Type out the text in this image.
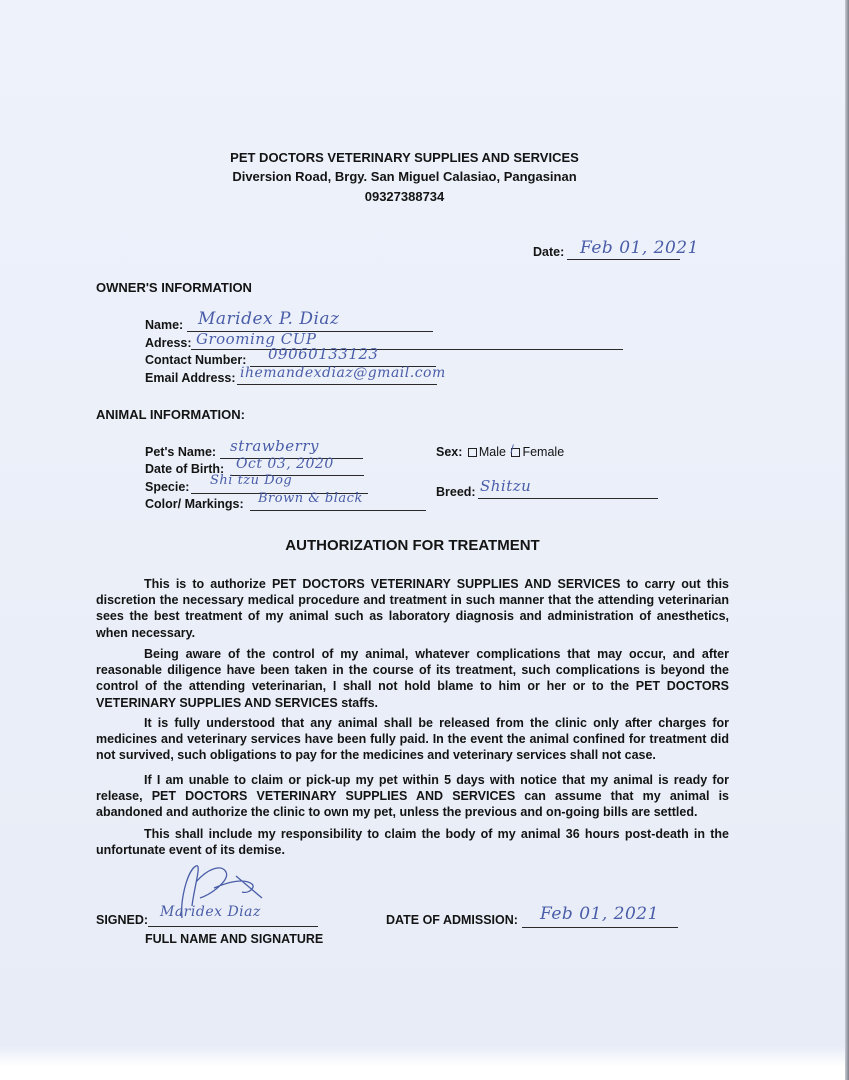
PET DOCTORS VETERINARY SUPPLIES AND SERVICES
Diversion Road, Brgy. San Miguel Calasiao, Pangasinan
09327388734
Date: Feb 01, 2021
OWNER'S INFORMATION
Name: Maridex P. Diaz
Adress: Grooming CUP
Contact Number: 09060133123
Email Address: ihemandexdiaz@gmail.com
ANIMAL INFORMATION:
Pet's Name: strawberry
Date of Birth: Oct 03, 2020
Specie: Shi tzu Dog
Color/ Markings: Brown & black
Sex: Male / Female
Breed: Shitzu
AUTHORIZATION FOR TREATMENT

This is to authorize PET DOCTORS VETERINARY SUPPLIES AND SERVICES to carry out this discretion the necessary medical procedure and treatment in such manner that the attending veterinarian sees the best treatment of my animal such as laboratory diagnosis and administration of anesthetics, when necessary.

Being aware of the control of my animal, whatever complications that may occur, and after reasonable diligence have been taken in the course of its treatment, such complications is beyond the control of the attending veterinarian, I shall not hold blame to him or her or to the PET DOCTORS VETERINARY SUPPLIES AND SERVICES staffs.

It is fully understood that any animal shall be released from the clinic only after charges for medicines and veterinary services have been fully paid. In the event the animal confined for treatment did not survived, such obligations to pay for the medicines and veterinary services shall not case.

If I am unable to claim or pick-up my pet within 5 days with notice that my animal is ready for release, PET DOCTORS VETERINARY SUPPLIES AND SERVICES can assume that my animal is abandoned and authorize the clinic to own my pet, unless the previous and on-going bills are settled.

This shall include my responsibility to claim the body of my animal 36 hours post-death in the unfortunate event of its demise.

SIGNED: Maridex Diaz
FULL NAME AND SIGNATURE
DATE OF ADMISSION: Feb 01, 2021
